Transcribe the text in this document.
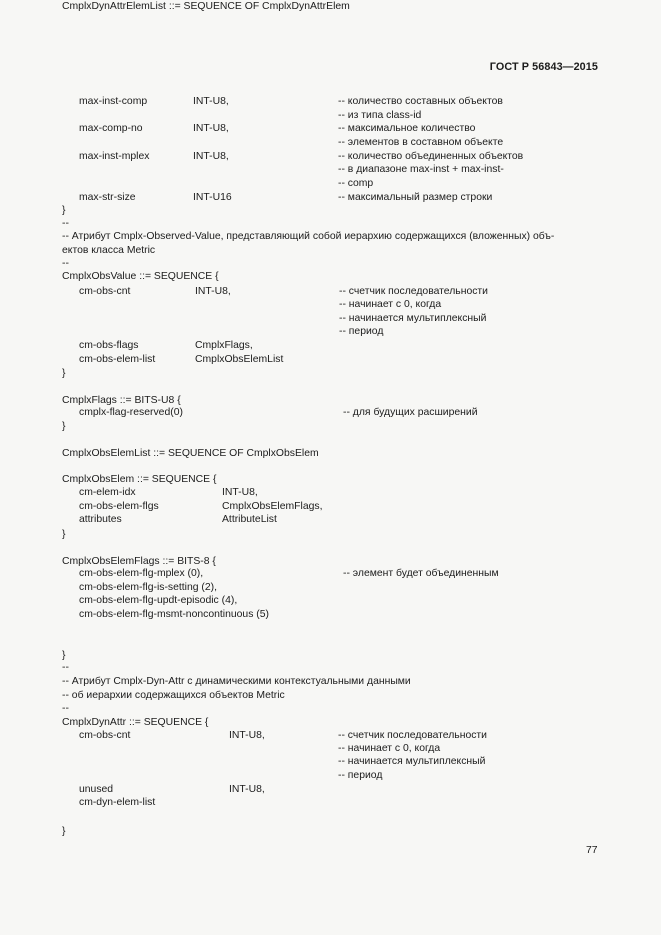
ГОСТ Р 56843—2015
max-inst-comp	INT-U8,	-- количество составных объектов
-- из типа class-id
max-comp-no	INT-U8,	-- максимальное количество
-- элементов в составном объекте
max-inst-mplex	INT-U8,	-- количество объединенных объектов
-- в диапазоне max-inst + max-inst-
-- comp
max-str-size	INT-U16	-- максимальный размер строки
}
--
-- Атрибут Cmplx-Observed-Value, представляющий собой иерархию содержащихся (вложенных) объ-
ектов класса Metric
--
CmplxObsValue ::= SEQUENCE {
cm-obs-cnt	INT-U8,	-- счетчик последовательности
-- начинает с 0, когда
-- начинается мультиплексный
-- период
cm-obs-flags	CmplxFlags,
cm-obs-elem-list	CmplxObsElemList
}
CmplxFlags ::= BITS-U8 {
cmplx-flag-reserved(0)	-- для будущих расширений
}
CmplxObsElemList ::= SEQUENCE OF CmplxObsElem
CmplxObsElem ::= SEQUENCE {
cm-elem-idx	INT-U8,
cm-obs-elem-flgs	CmplxObsElemFlags,
attributes	AttributeList
}
CmplxObsElemFlags ::= BITS-8 {
cm-obs-elem-flg-mplex (0),	-- элемент будет объединенным
cm-obs-elem-flg-is-setting (2),
cm-obs-elem-flg-updt-episodic (4),
cm-obs-elem-flg-msmt-noncontinuous (5)
}
--
-- Атрибут Cmplx-Dyn-Attr с динамическими контекстуальными данными
-- об иерархии содержащихся объектов Metric
--
CmplxDynAttr ::= SEQUENCE {
cm-obs-cnt	INT-U8,	-- счетчик последовательности
-- начинает с 0, когда
-- начинается мультиплексный
-- период
unused	INT-U8,
cm-dyn-elem-list
}
CmplxDynAttrElemList ::= SEQUENCE OF CmplxDynAttrElem
77
